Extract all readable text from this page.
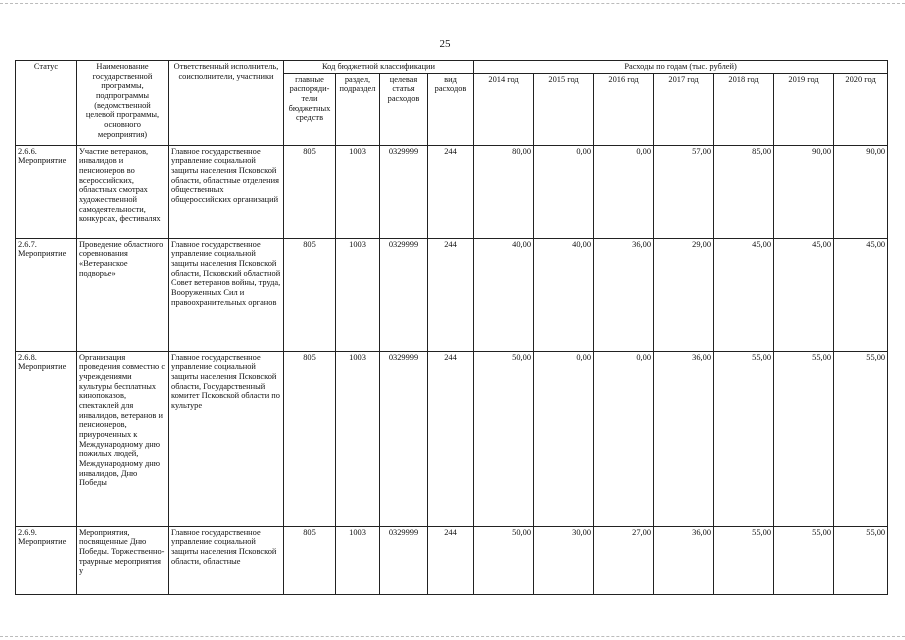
25
Статус	Наименование государственной программы, подпрограммы (ведомственной целевой программы, основного мероприятия)	Ответственный исполнитель, соисполнители, участники	Код бюджетной классификации				Расходы по годам (тыс. рублей)						
			главные распоряди-тели бюджетных средств	раздел, подраздел	целевая статья расходов	вид расходов	2014 год	2015 год	2016 год	2017 год	2018 год	2019 год	2020 год

2.6.6.
Мероприятие	Участие ветеранов, инвалидов и пенсионеров во всероссийских, областных смотрах художественной самодеятельности, конкурсах, фестивалях	Главное государственное управление социальной защиты населения Псковской области, областные отделения общественных общероссийских организаций	805	1003	0329999	244	80,00	0,00	0,00	57,00	85,00	90,00	90,00

2.6.7.
Мероприятие	Проведение областного соревнования «Ветеранское подворье»	Главное государственное управление социальной защиты населения Псковской области, Псковский областной Совет ветеранов войны, труда, Вооруженных Сил и правоохранительных органов	805	1003	0329999	244	40,00	40,00	36,00	29,00	45,00	45,00	45,00

2.6.8.
Мероприятие	Организация проведения совместно с учреждениями культуры бесплатных кинопоказов, спектаклей для инвалидов, ветеранов и пенсионеров, приуроченных к Международному дню пожилых людей, Международному дню инвалидов, Дню Победы	Главное государственное управление социальной защиты населения Псковской области, Государственный комитет Псковской области по культуре	805	1003	0329999	244	50,00	0,00	0,00	36,00	55,00	55,00	55,00

2.6.9.
Мероприятие	Мероприятия, посвященные Дню Победы. Торжественно-траурные мероприятия у	Главное государственное управление социальной защиты населения Псковской области, областные	805	1003	0329999	244	50,00	30,00	27,00	36,00	55,00	55,00	55,00
